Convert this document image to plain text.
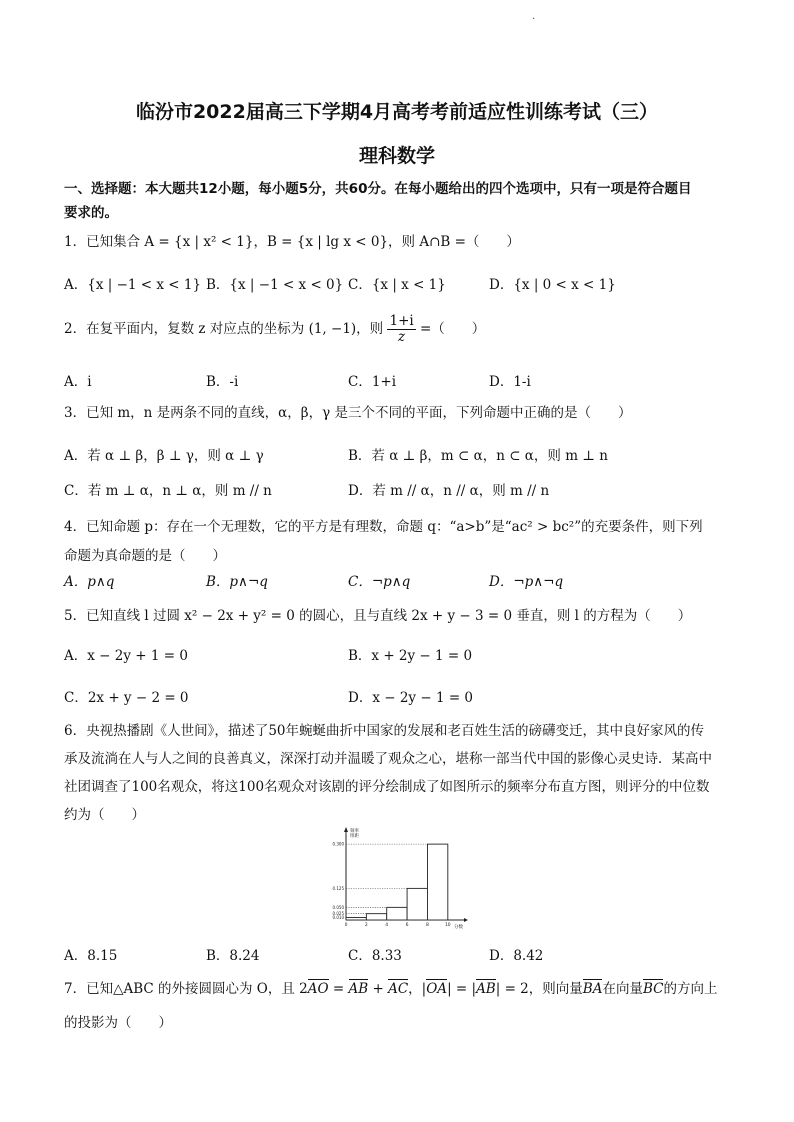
·
临汾市2022届高三下学期4月高考考前适应性训练考试（三）
理科数学
一、选择题：本大题共12小题，每小题5分，共60分。在每小题给出的四个选项中，只有一项是符合题目
要求的。
1．已知集合 A = {x | x² < 1}，B = {x | lg x < 0}，则 A∩B =（　　）
A．{x | −1 < x < 1} B．{x | −1 < x < 0} C．{x | x < 1}	D．{x | 0 < x < 1}
2．在复平面内，复数 z 对应点的坐标为 (1, −1)，则 $\frac{1+i}{z}$ =（　　）
A．i	B．-i	C．1+i	D．1-i
3．已知 m，n 是两条不同的直线，α，β，γ 是三个不同的平面，下列命题中正确的是（　　）
A．若 α ⊥ β，β ⊥ γ，则 α ⊥ γ	B．若 α ⊥ β，m ⊂ α，n ⊂ α，则 m ⊥ n
C．若 m ⊥ α，n ⊥ α，则 m // n	D．若 m // α，n // α，则 m // n
4．已知命题 p：存在一个无理数，它的平方是有理数，命题 q：“a>b”是“ac² > bc²”的充要条件，则下列
命题为真命题的是（　　）
A．p∧q	B．p∧¬q	C．¬p∧q	D．¬p∧¬q
5．已知直线 l 过圆 x² − 2x + y² = 0 的圆心，且与直线 2x + y − 3 = 0 垂直，则 l 的方程为（　　）
A．x − 2y + 1 = 0	B．x + 2y − 1 = 0
C．2x + y − 2 = 0	D．x − 2y − 1 = 0
6．央视热播剧《人世间》，描述了50年蜿蜒曲折中国家的发展和老百姓生活的磅礴变迁，其中良好家风的传
承及流淌在人与人之间的良善真义，深深打动并温暖了观众之心，堪称一部当代中国的影像心灵史诗．某高中
社团调查了100名观众，将这100名观众对该剧的评分绘制成了如图所示的频率分布直方图，则评分的中位数
约为（　　）
频率
组距
分数
0.300
0.125
0.050
0.025
0.010
0	2	4	6	8	10
A．8.15	B．8.24	C．8.33	D．8.42
7．已知△ABC 的外接圆圆心为 O，且 2AO = AB + AC，|OA| = |AB| = 2，则向量BA在向量BC的方向上
的投影为（　　）
